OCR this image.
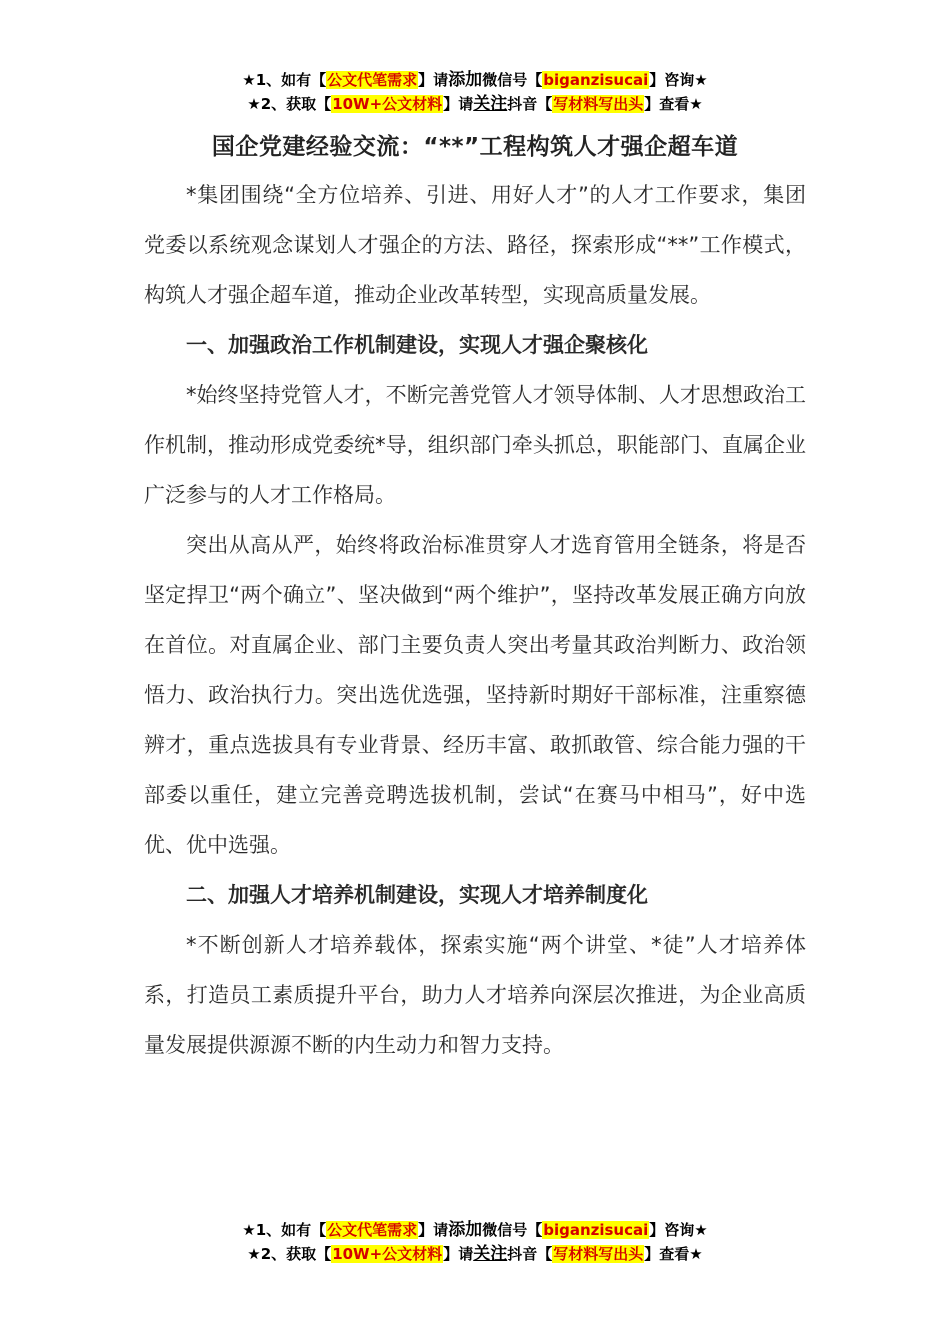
★1、如有【公文代笔需求】请添加微信号【biganzisucai】咨询★
★2、获取【10W+公文材料】请关注抖音【写材料写出头】查看★
国企党建经验交流：“**”工程构筑人才强企超车道

*集团围绕“全方位培养、引进、用好人才”的人才工作要求，集团党委以系统观念谋划人才强企的方法、路径，探索形成“**”工作模式，构筑人才强企超车道，推动企业改革转型，实现高质量发展。

一、加强政治工作机制建设，实现人才强企聚核化

*始终坚持党管人才，不断完善党管人才领导体制、人才思想政治工作机制，推动形成党委统*导，组织部门牵头抓总，职能部门、直属企业广泛参与的人才工作格局。

突出从高从严，始终将政治标准贯穿人才选育管用全链条，将是否坚定捍卫“两个确立”、坚决做到“两个维护”，坚持改革发展正确方向放在首位。对直属企业、部门主要负责人突出考量其政治判断力、政治领悟力、政治执行力。突出选优选强，坚持新时期好干部标准，注重察德辨才，重点选拔具有专业背景、经历丰富、敢抓敢管、综合能力强的干部委以重任，建立完善竞聘选拔机制，尝试“在赛马中相马”，好中选优、优中选强。

二、加强人才培养机制建设，实现人才培养制度化

*不断创新人才培养载体，探索实施“两个讲堂、*徒”人才培养体系，打造员工素质提升平台，助力人才培养向深层次推进，为企业高质量发展提供源源不断的内生动力和智力支持。

★1、如有【公文代笔需求】请添加微信号【biganzisucai】咨询★
★2、获取【10W+公文材料】请关注抖音【写材料写出头】查看★
